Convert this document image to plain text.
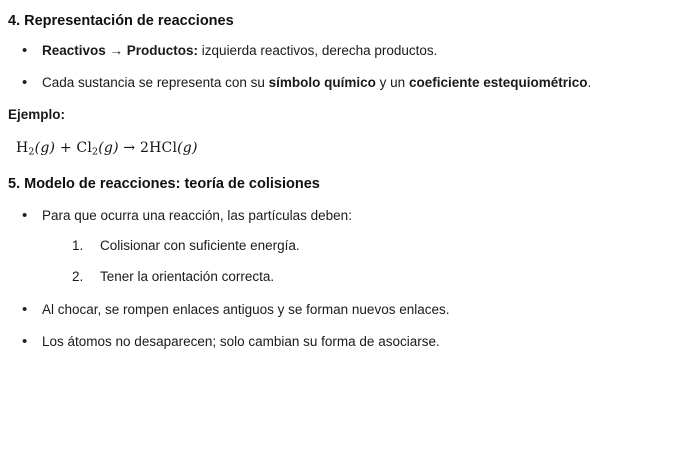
4. Representación de reacciones
• Reactivos → Productos: izquierda reactivos, derecha productos.
• Cada sustancia se representa con su símbolo químico y un coeficiente estequiométrico.

Ejemplo:

$H_2(g) + Cl_2(g) \to 2HCl(g)$
5. Modelo de reacciones: teoría de colisiones
• Para que ocurra una reacción, las partículas deben:
Colisionar con suficiente energía.
Tener la orientación correcta.
• Al chocar, se rompen enlaces antiguos y se forman nuevos enlaces.
• Los átomos no desaparecen; solo cambian su forma de asociarse.
